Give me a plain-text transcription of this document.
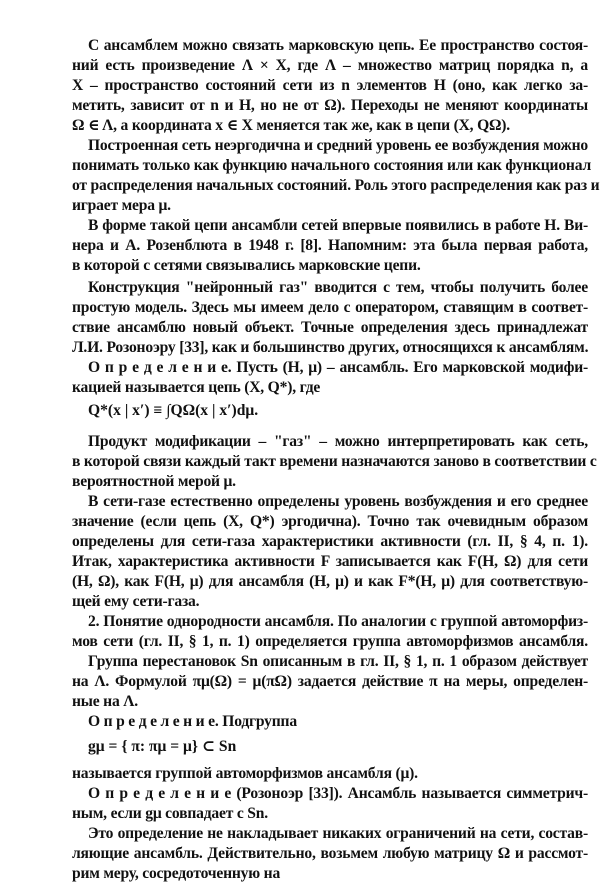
С ансамблем можно связать марковскую цепь. Ее пространство состоя-
ний есть произведение Λ × X, где Λ – множество матриц порядка n, а
X – пространство состояний сети из n элементов H (оно, как легко за-
метить, зависит от n и H, но не от Ω). Переходы не меняют координаты
Ω ∈ Λ, а координата x ∈ X меняется так же, как в цепи (X, QΩ).
Построенная сеть неэргодична и средний уровень ее возбуждения можно
понимать только как функцию начального состояния или как функционал
от распределения начальных состояний. Роль этого распределения как раз и
играет мера μ.
В форме такой цепи ансамбли сетей впервые появились в работе Н. Ви-
нера и А. Розенблюта в 1948 г. [8]. Напомним: эта была первая работа,
в которой с сетями связывались марковские цепи.
Конструкция "нейронный газ" вводится с тем, чтобы получить более
простую модель. Здесь мы имеем дело с оператором, ставящим в соответ-
ствие ансамблю новый объект. Точные определения здесь принадлежат
Л.И. Розоноэру [33], как и большинство других, относящихся к ансамблям.
О п р е д е л е н и е. Пусть (H, μ) – ансамбль. Его марковской модифи-
кацией называется цепь (X, Q*), где
Q*(x | x′) ≡ ∫QΩ(x | x′)dμ.
Продукт модификации – "газ" – можно интерпретировать как сеть,
в которой связи каждый такт времени назначаются заново в соответствии с
вероятностной мерой μ.
В сети-газе естественно определены уровень возбуждения и его среднее
значение (если цепь (X, Q*) эргодична). Точно так очевидным образом
определены для сети-газа характеристики активности (гл. II, § 4, п. 1).
Итак, характеристика активности F записывается как F(H, Ω) для сети
(H, Ω), как F(H, μ) для ансамбля (H, μ) и как F*(H, μ) для соответствую-
щей ему сети-газа.
2. Понятие однородности ансамбля. По аналогии с группой автоморфиз-
мов сети (гл. II, § 1, п. 1) определяется группа автоморфизмов ансамбля.
Группа перестановок Sn описанным в гл. II, § 1, п. 1 образом действует
на Λ. Формулой πμ(Ω) = μ(πΩ) задается действие π на меры, определен-
ные на Λ.
О п р е д е л е н и е. Подгруппа
gμ = { π: πμ = μ} ⊂ Sn
называется группой автоморфизмов ансамбля (μ).
О п р е д е л е н и е (Розоноэр [33]). Ансамбль называется симметрич-
ным, если gμ совпадает с Sn.
Это определение не накладывает никаких ограничений на сети, состав-
ляющие ансамбль. Действительно, возьмем любую матрицу Ω и рассмот-
рим меру, сосредоточенную на
